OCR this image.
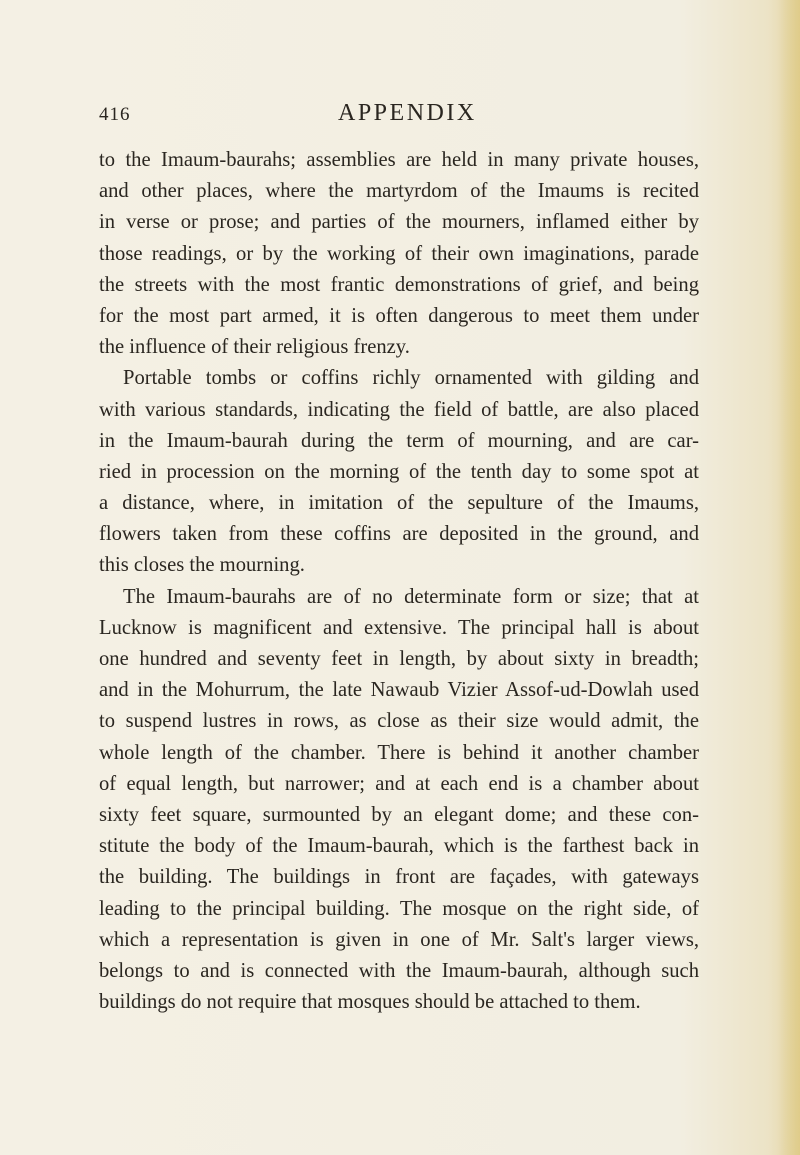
416	APPENDIX
to the Imaum-baurahs; assemblies are held in many private houses,
and other places, where the martyrdom of the Imaums is recited
in verse or prose; and parties of the mourners, inflamed either by
those readings, or by the working of their own imaginations, parade
the streets with the most frantic demonstrations of grief, and being
for the most part armed, it is often dangerous to meet them under
the influence of their religious frenzy.
Portable tombs or coffins richly ornamented with gilding and
with various standards, indicating the field of battle, are also placed
in the Imaum-baurah during the term of mourning, and are car-
ried in procession on the morning of the tenth day to some spot at
a distance, where, in imitation of the sepulture of the Imaums,
flowers taken from these coffins are deposited in the ground, and
this closes the mourning.
The Imaum-baurahs are of no determinate form or size; that at
Lucknow is magnificent and extensive. The principal hall is about
one hundred and seventy feet in length, by about sixty in breadth;
and in the Mohurrum, the late Nawaub Vizier Assof-ud-Dowlah used
to suspend lustres in rows, as close as their size would admit, the
whole length of the chamber. There is behind it another chamber
of equal length, but narrower; and at each end is a chamber about
sixty feet square, surmounted by an elegant dome; and these con-
stitute the body of the Imaum-baurah, which is the farthest back in
the building. The buildings in front are façades, with gateways
leading to the principal building. The mosque on the right side, of
which a representation is given in one of Mr. Salt's larger views,
belongs to and is connected with the Imaum-baurah, although such
buildings do not require that mosques should be attached to them.
